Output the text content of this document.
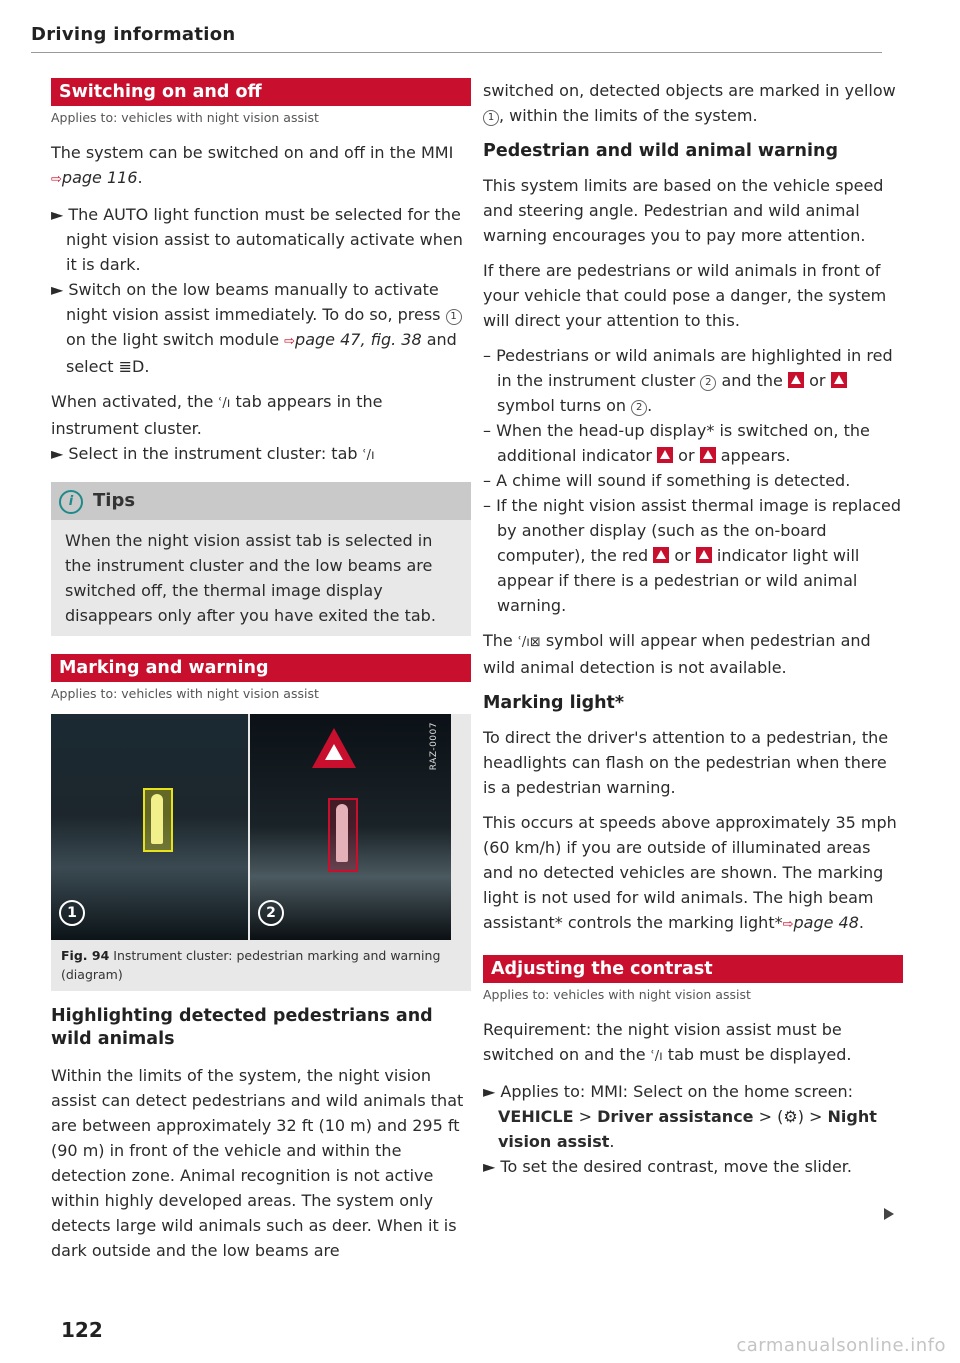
Driving information
Switching on and off
Applies to: vehicles with night vision assist

The system can be switched on and off in the MMI ⇨page 116.

► The AUTO light function must be selected for the night vision assist to automatically activate when it is dark.

► Switch on the low beams manually to activate night vision assist immediately. To do so, press 1 on the light switch module ⇨page 47, fig. 38 and select ≣D.

When activated, the ʿ/ı tab appears in the instrument cluster.

► Select in the instrument cluster: tab ʿ/ı

i Tips
When the night vision assist tab is selected in the instrument cluster and the low beams are switched off, the thermal image display disappears only after you have exited the tab.
Marking and warning
Applies to: vehicles with night vision assist
1	2
RAZ-0007
Fig. 94 Instrument cluster: pedestrian marking and warning (diagram)
Highlighting detected pedestrians and wild animals

Within the limits of the system, the night vision assist can detect pedestrians and wild animals that are between approximately 32 ft (10 m) and 295 ft (90 m) in front of the vehicle and within the detection zone. Animal recognition is not active within highly developed areas. The system only detects large wild animals such as deer. When it is dark outside and the low beams are

switched on, detected objects are marked in yellow 1 , within the limits of the system.

Pedestrian and wild animal warning

This system limits are based on the vehicle speed and steering angle. Pedestrian and wild animal warning encourages you to pay more attention.

If there are pedestrians or wild animals in front of your vehicle that could pose a danger, the system will direct your attention to this.

– Pedestrians or wild animals are highlighted in red in the instrument cluster 2 and the  or  symbol turns on 2 .

– When the head-up display* is switched on, the additional indicator  or  appears.

– A chime will sound if something is detected.

– If the night vision assist thermal image is replaced by another display (such as the on-board computer), the red  or  indicator light will appear if there is a pedestrian or wild animal warning.

The ʿ/ı⊠ symbol will appear when pedestrian and wild animal detection is not available.

Marking light*

To direct the driver's attention to a pedestrian, the headlights can flash on the pedestrian when there is a pedestrian warning.

This occurs at speeds above approximately 35 mph (60 km/h) if you are outside of illuminated areas and no detected vehicles are shown. The marking light is not used for wild animals. The high beam assistant* controls the marking light*⇨page 48.

Adjusting the contrast
Applies to: vehicles with night vision assist

Requirement: the night vision assist must be switched on and the ʿ/ı tab must be displayed.

► Applies to: MMI: Select on the home screen: VEHICLE > Driver assistance > (⚙) > Night vision assist.

► To set the desired contrast, move the slider.

122
carmanualsonline.info
